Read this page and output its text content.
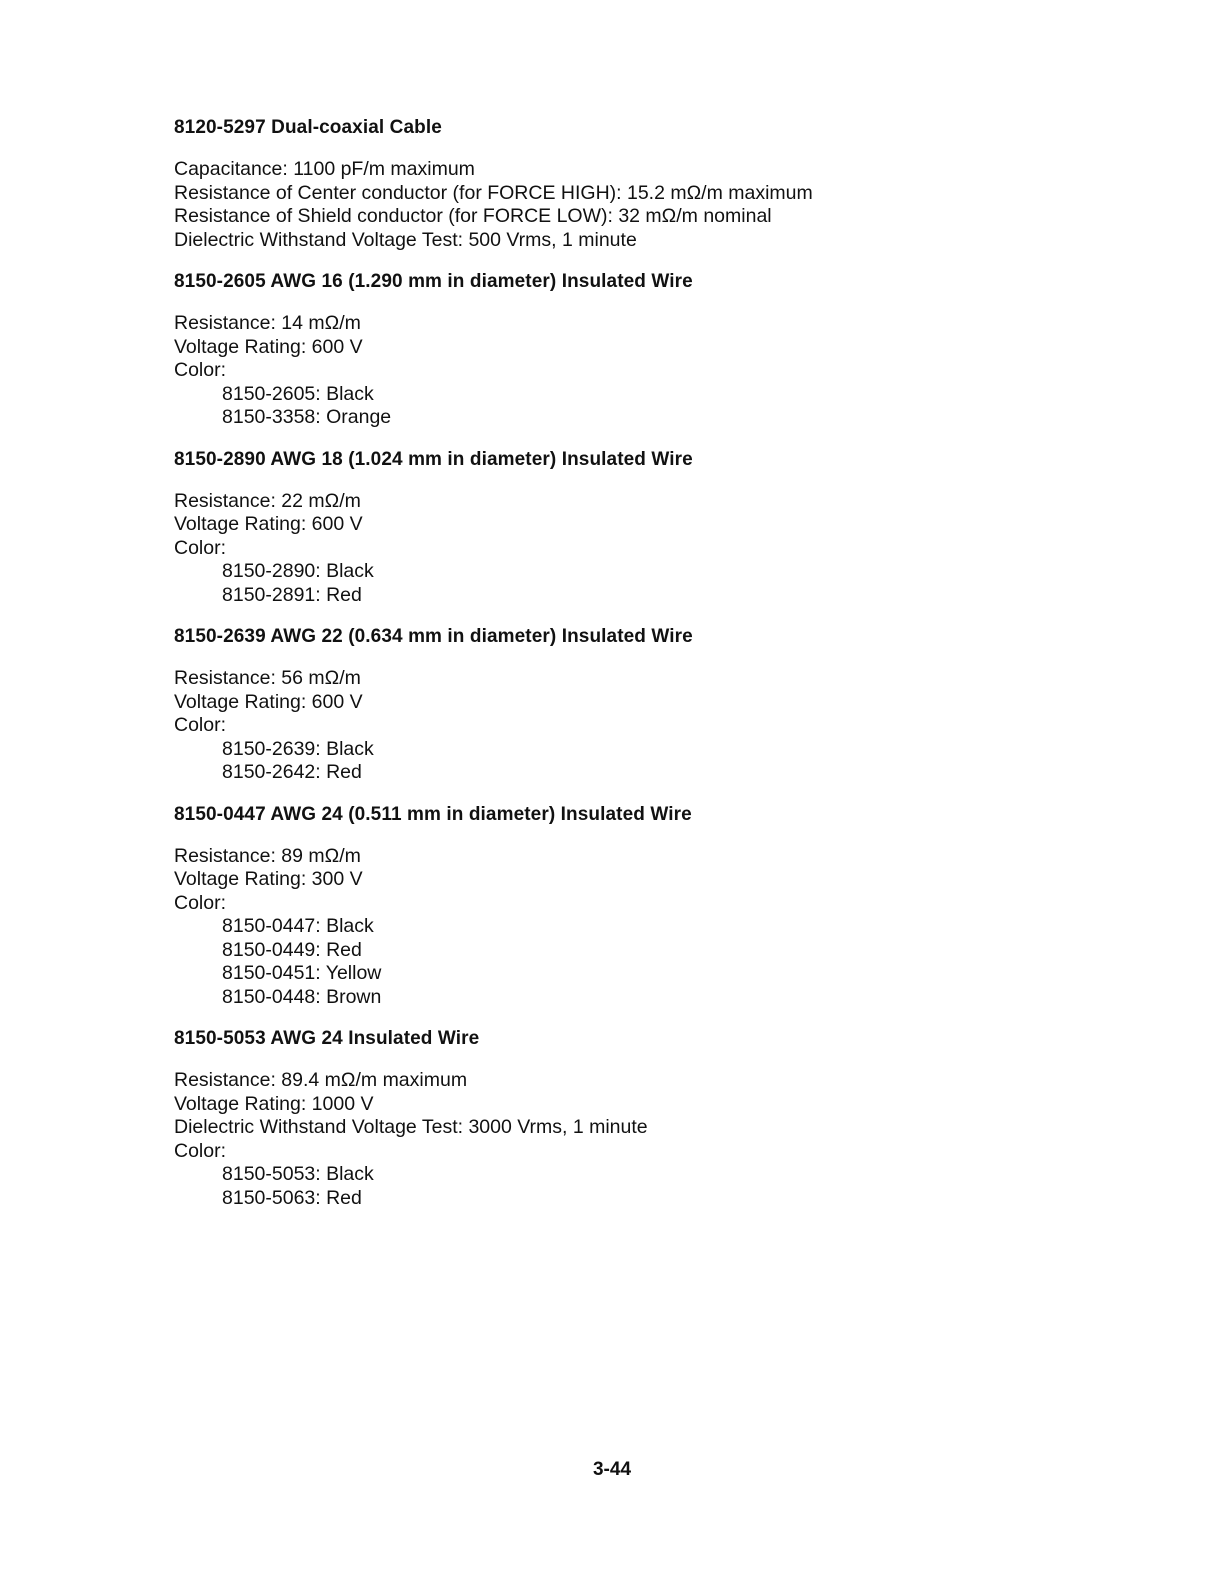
8120-5297 Dual-coaxial Cable
Capacitance: 1100 pF/m maximum
Resistance of Center conductor (for FORCE HIGH): 15.2 mΩ/m maximum
Resistance of Shield conductor (for FORCE LOW): 32 mΩ/m nominal
Dielectric Withstand Voltage Test: 500 Vrms, 1 minute
8150-2605 AWG 16 (1.290 mm in diameter) Insulated Wire
Resistance: 14 mΩ/m
Voltage Rating: 600 V
Color:
8150-2605: Black
8150-3358: Orange
8150-2890 AWG 18 (1.024 mm in diameter) Insulated Wire
Resistance: 22 mΩ/m
Voltage Rating: 600 V
Color:
8150-2890: Black
8150-2891: Red
8150-2639 AWG 22 (0.634 mm in diameter) Insulated Wire
Resistance: 56 mΩ/m
Voltage Rating: 600 V
Color:
8150-2639: Black
8150-2642: Red
8150-0447 AWG 24 (0.511 mm in diameter) Insulated Wire
Resistance: 89 mΩ/m
Voltage Rating: 300 V
Color:
8150-0447: Black
8150-0449: Red
8150-0451: Yellow
8150-0448: Brown
8150-5053 AWG 24 Insulated Wire
Resistance: 89.4 mΩ/m maximum
Voltage Rating: 1000 V
Dielectric Withstand Voltage Test: 3000 Vrms, 1 minute
Color:
8150-5053: Black
8150-5063: Red
3-44
